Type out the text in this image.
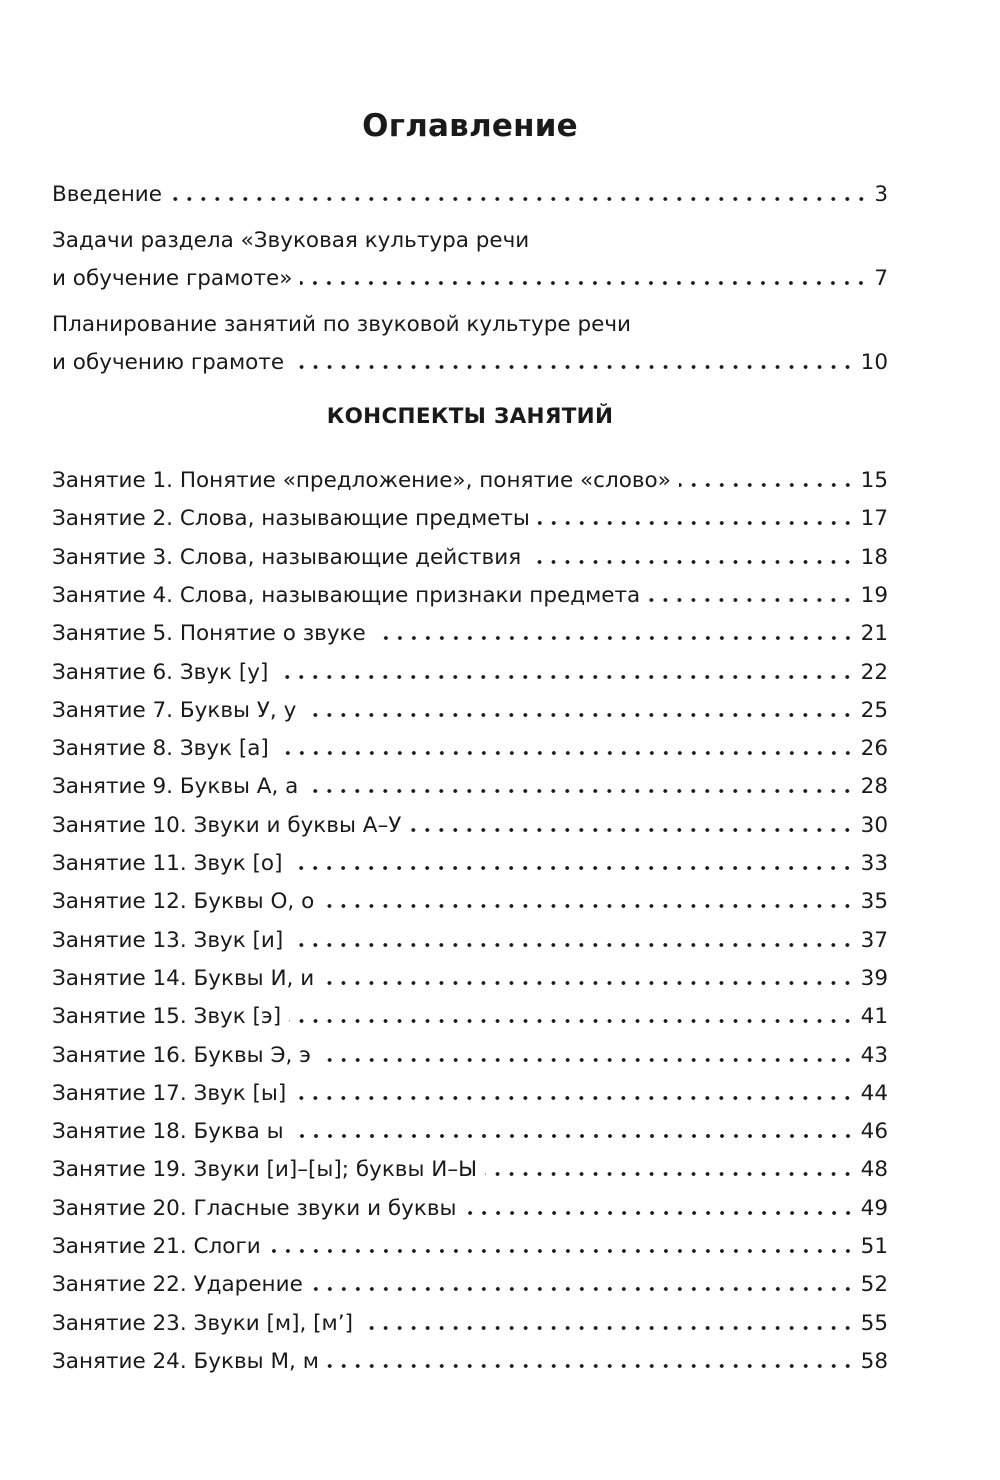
Оглавление
Введение	3
Задачи раздела «Звуковая культура речи
и обучение грамоте»	7
Планирование занятий по звуковой культуре речи
и обучению грамоте	10
КОНСПЕКТЫ ЗАНЯТИЙ
Занятие 1. Понятие «предложение», понятие «слово»	15
Занятие 2. Слова, называющие предметы	17
Занятие 3. Слова, называющие действия	18
Занятие 4. Слова, называющие признаки предмета	19
Занятие 5. Понятие о звуке	21
Занятие 6. Звук [у]	22
Занятие 7. Буквы У, у	25
Занятие 8. Звук [а]	26
Занятие 9. Буквы А, а	28
Занятие 10. Звуки и буквы А–У	30
Занятие 11. Звук [о]	33
Занятие 12. Буквы О, о	35
Занятие 13. Звук [и]	37
Занятие 14. Буквы И, и	39
Занятие 15. Звук [э]	41
Занятие 16. Буквы Э, э	43
Занятие 17. Звук [ы]	44
Занятие 18. Буква ы	46
Занятие 19. Звуки [и]–[ы]; буквы И–Ы	48
Занятие 20. Гласные звуки и буквы	49
Занятие 21. Слоги	51
Занятие 22. Ударение	52
Занятие 23. Звуки [м], [м’]	55
Занятие 24. Буквы М, м	58
